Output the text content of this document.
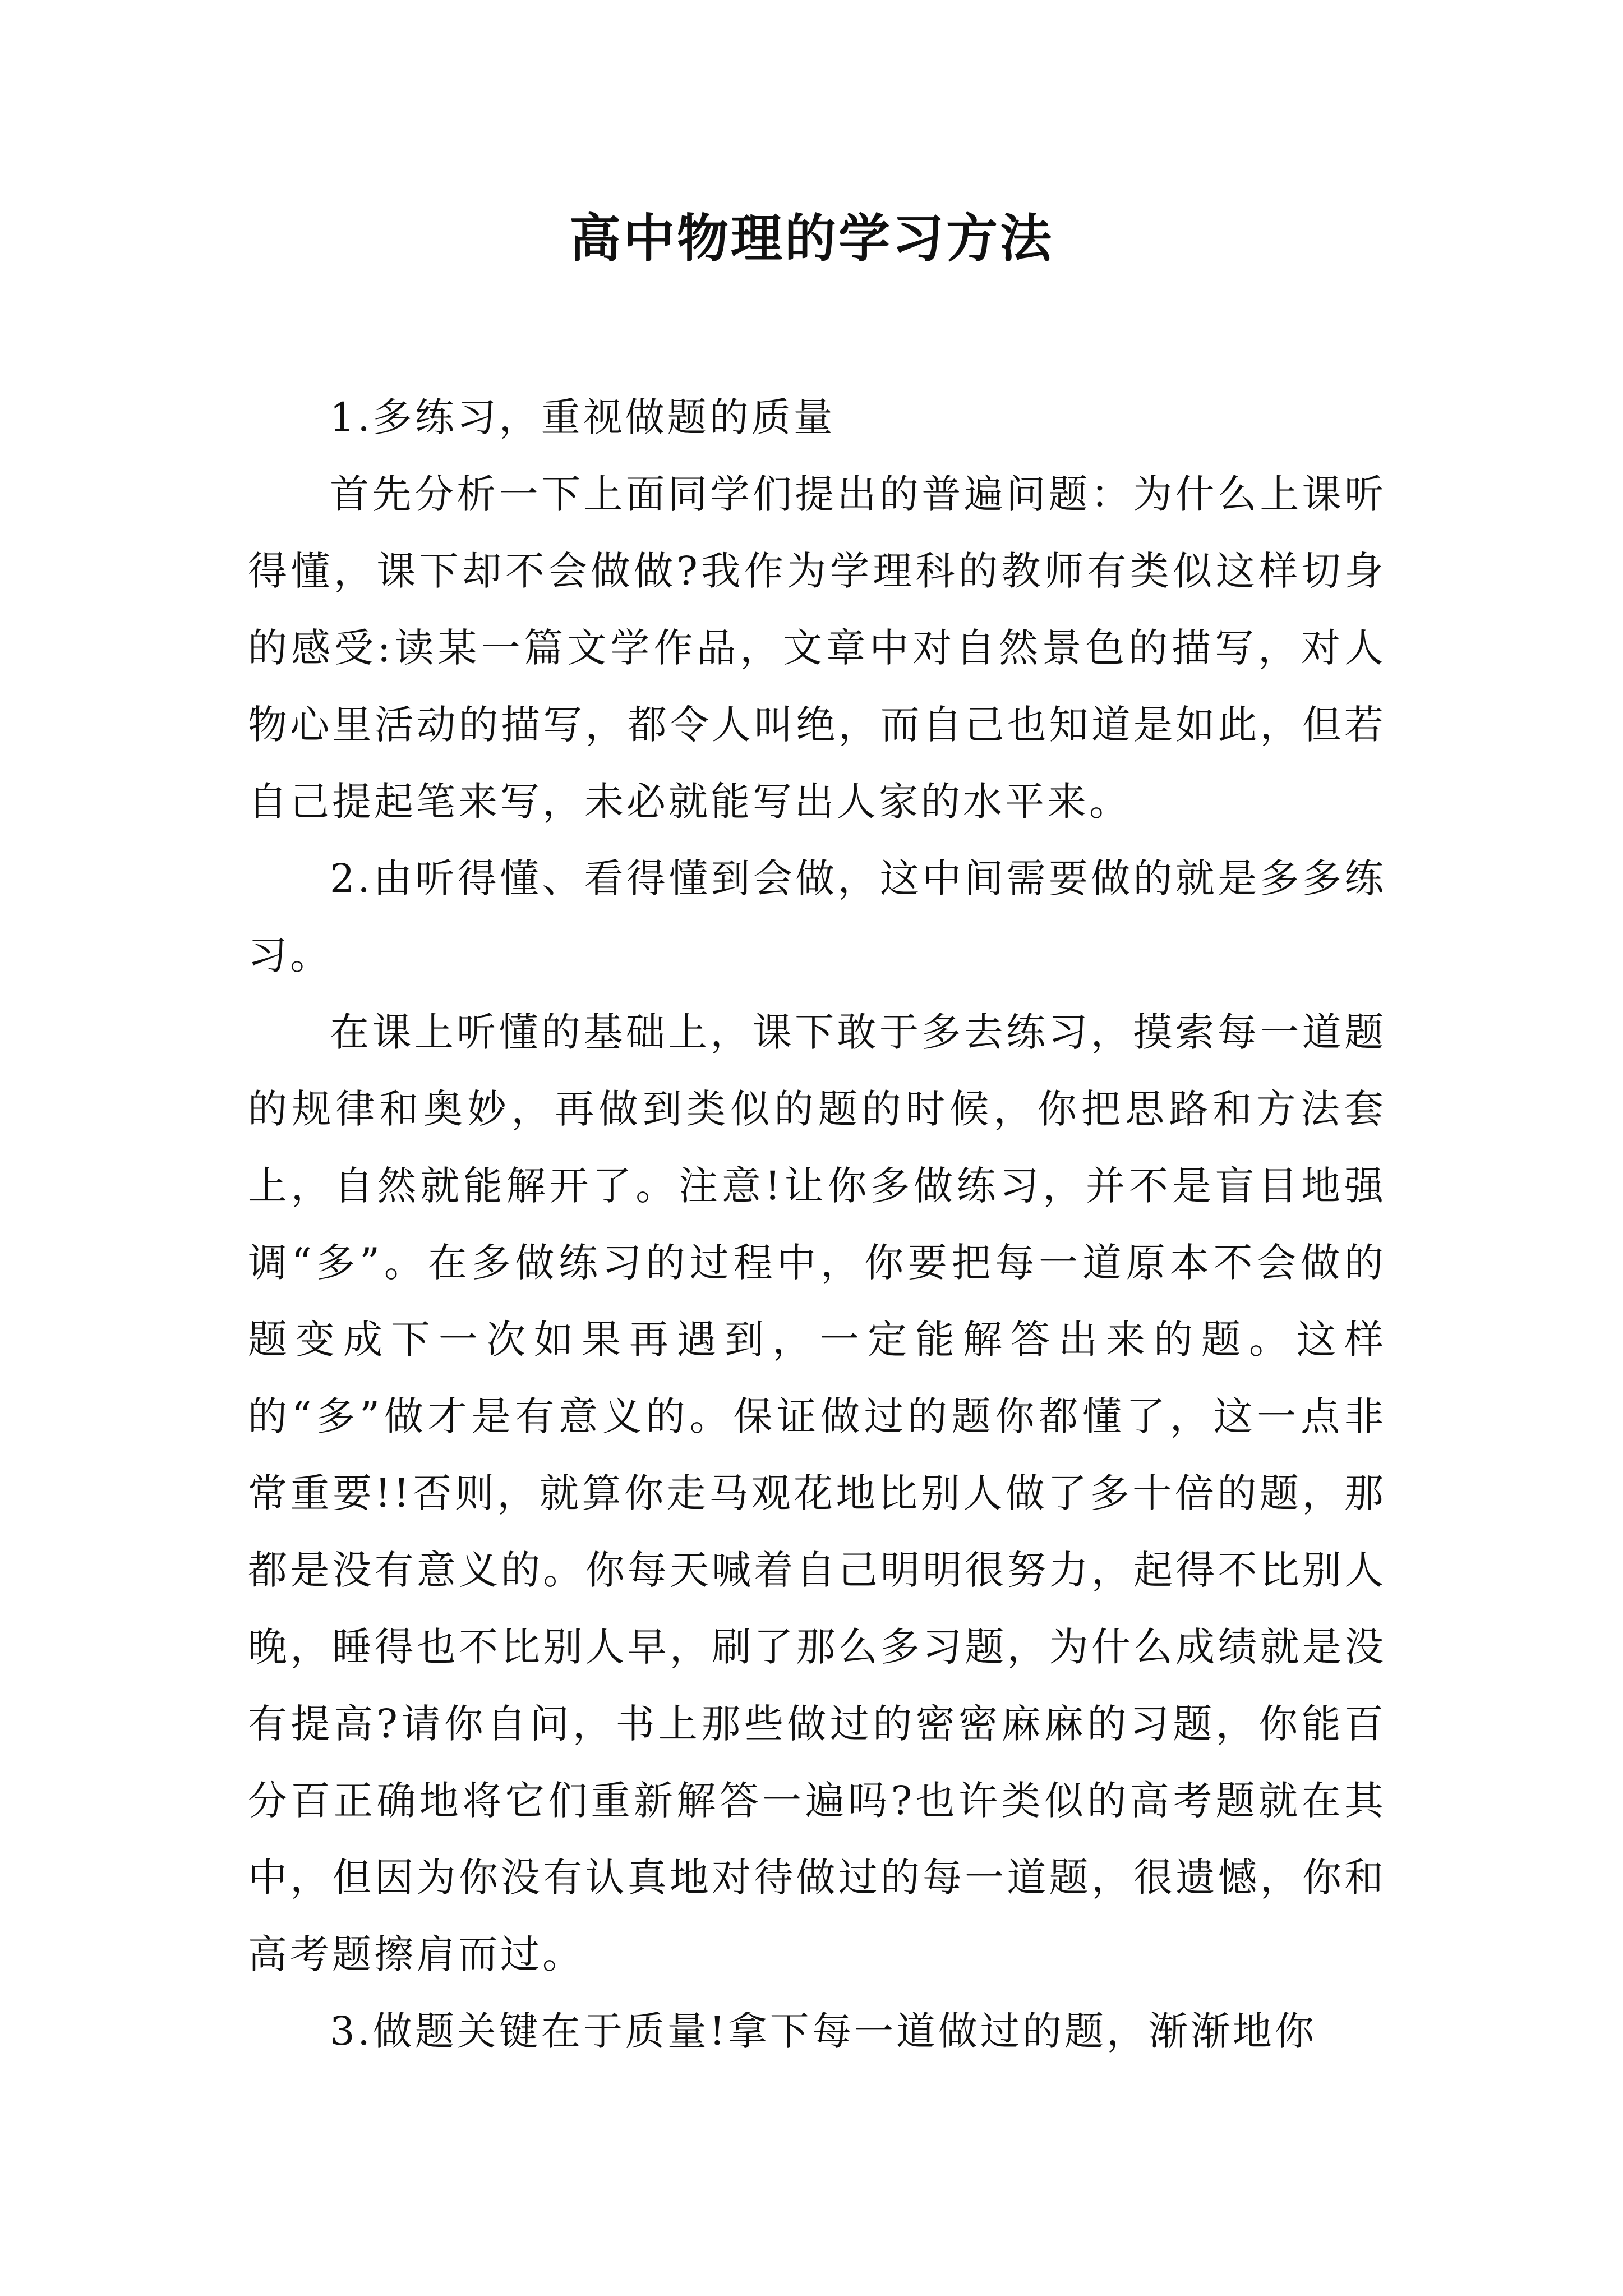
高中物理的学习方法

1.多练习，重视做题的质量

首先分析一下上面同学们提出的普遍问题：为什么上课听得懂，课下却不会做做?我作为学理科的教师有类似这样切身的感受:读某一篇文学作品，文章中对自然景色的描写，对人物心里活动的描写，都令人叫绝，而自己也知道是如此，但若自己提起笔来写，未必就能写出人家的水平来。

2.由听得懂、看得懂到会做，这中间需要做的就是多多练习。

在课上听懂的基础上，课下敢于多去练习，摸索每一道题的规律和奥妙，再做到类似的题的时候，你把思路和方法套上，自然就能解开了。注意!让你多做练习，并不是盲目地强调“多”。在多做练习的过程中，你要把每一道原本不会做的题变成下一次如果再遇到，一定能解答出来的题。这样的“多”做才是有意义的。保证做过的题你都懂了，这一点非常重要!!否则，就算你走马观花地比别人做了多十倍的题，那都是没有意义的。你每天喊着自己明明很努力，起得不比别人晚，睡得也不比别人早，刷了那么多习题，为什么成绩就是没有提高?请你自问，书上那些做过的密密麻麻的习题，你能百分百正确地将它们重新解答一遍吗?也许类似的高考题就在其中，但因为你没有认真地对待做过的每一道题，很遗憾，你和高考题擦肩而过。

3.做题关键在于质量!拿下每一道做过的题，渐渐地你
